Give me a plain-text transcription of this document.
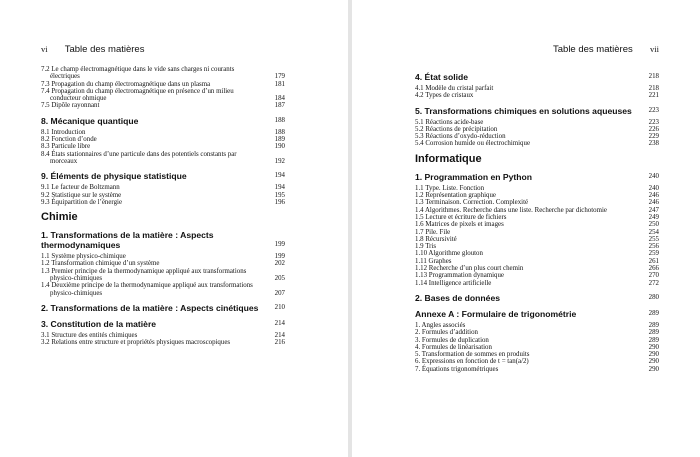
vi Table des matières
7.2 Le champ électromagnétique dans le vide sans charges ni courants électriques	179
7.3 Propagation du champ électromagnétique dans un plasma	181
7.4 Propagation du champ électromagnétique en présence d’un milieu conducteur ohmique	184
7.5 Dipôle rayonnant	187
8. Mécanique quantique	188
8.1 Introduction	188
8.2 Fonction d’onde	189
8.3 Particule libre	190
8.4 États stationnaires d’une particule dans des potentiels constants par morceaux	192
9. Éléments de physique statistique	194
9.1 Le facteur de Boltzmann	194
9.2 Statistique sur le système	195
9.3 Équipartition de l’énergie	196
Chimie
1. Transformations de la matière : Aspects thermodynamiques	199
1.1 Système physico-chimique	199
1.2 Transformation chimique d’un système	202
1.3 Premier principe de la thermodynamique appliqué aux transformations physico-chimiques	205
1.4 Deuxième principe de la thermodynamique appliqué aux transformations physico-chimiques	207
2. Transformations de la matière : Aspects cinétiques 210
3. Constitution de la matière	214
3.1 Structure des entités chimiques	214
3.2 Relations entre structure et propriétés physiques macroscopiques	216
Table des matières vii
4. État solide	218
4.1 Modèle du cristal parfait	218
4.2 Types de cristaux	221
5. Transformations chimiques en solutions aqueuses 223
5.1 Réactions acide-base	223
5.2 Réactions de précipitation	226
5.3 Réactions d’oxydo-réduction	229
5.4 Corrosion humide ou électrochimique	238
Informatique
1. Programmation en Python	240
1.1 Type. Liste. Fonction	240
1.2 Représentation graphique	246
1.3 Terminaison. Correction. Complexité	246
1.4 Algorithmes. Recherche dans une liste. Recherche par dichotomie	247
1.5 Lecture et écriture de fichiers	249
1.6 Matrices de pixels et images	250
1.7 Pile. File	254
1.8 Récursivité	255
1.9 Tris	256
1.10 Algorithme glouton	259
1.11 Graphes	261
1.12 Recherche d’un plus court chemin	266
1.13 Programmation dynamique	270
1.14 Intelligence artificielle	272
2. Bases de données	280
Annexe A : Formulaire de trigonométrie	289
1. Angles associés	289
2. Formules d’addition	289
3. Formules de duplication	289
4. Formules de linéarisation	290
5. Transformation de sommes en produits	290
6. Expressions en fonction de t = tan(a/2)	290
7. Équations trigonométriques	290
